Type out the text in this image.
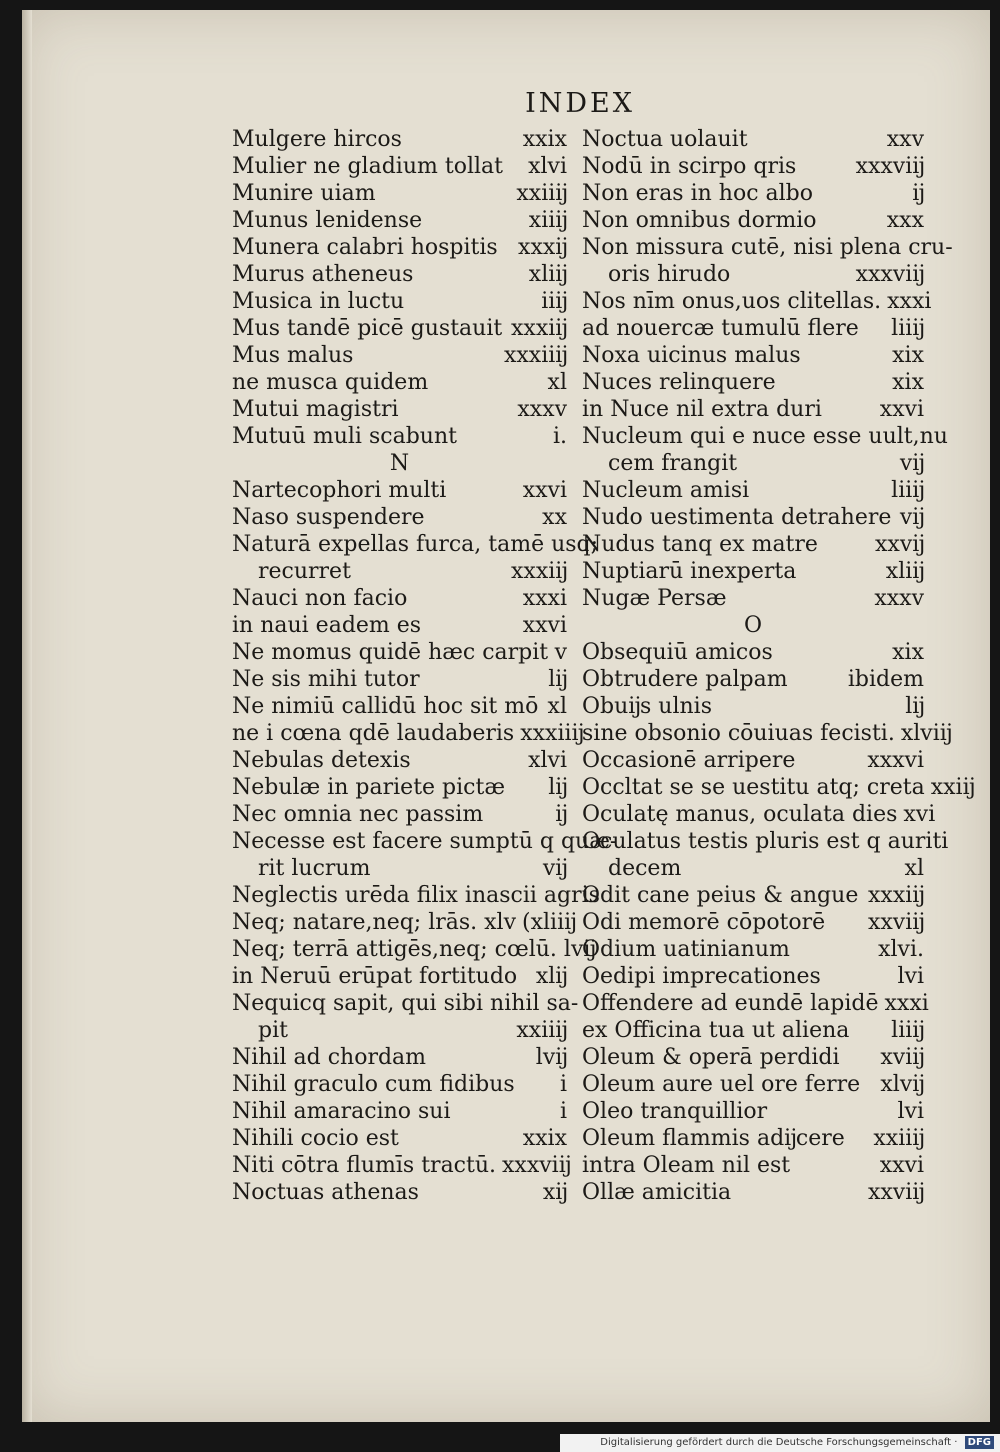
INDEX
Mulgere hircos	xxix
Mulier ne gladium tollat xlvi
Munire uiam	xxiiĳ
Munus lenidense	xiiĳ
Munera calabri hospitis xxxĳ
Murus atheneus	xliĳ
Musica in luctu	iiĳ
Mus tandē picē gustauit xxxiĳ
Mus malus	xxxiiĳ
ne musca quidem	xl
Mutui magistri	xxxv
Mutuū muli scabunt	i.
N
Nartecophori multi	xxvi
Naso suspendere	xx
Naturā expellas furca, tamē usq;
recurret	xxxiĳ
Nauci non facio	xxxi
in naui eadem es	xxvi
Ne momus quidē hæc carpit v
Ne sis mihi tutor	lĳ
Ne nimiū callidū hoc sit mō xl
ne i cœna qdē laudaberis xxxiiĳ
Nebulas detexis	xlvi
Nebulæ in pariete pictæ lĳ
Nec omnia nec passim	ĳ
Necesse est facere sumptū q quæ-
rit lucrum	vĳ
Neglectis urēda filix inascii agris
Neq; natare,neq; lrās. xlv (xliiĳ
Neq; terrā attigēs,neq; cœlū. lvĳ
in Neruū erūpat fortitudo xlĳ
Nequicq sapit, qui sibi nihil sa-
pit	xxiiĳ
Nihil ad chordam	lvĳ
Nihil graculo cum fidibus i
Nihil amaracino sui	i
Nihili cocio est	xxix
Niti cōtra flumīs tractū. xxxviĳ
Noctuas athenas	xĳ
Noctua uolauit	xxv
Nodū in scirpo qris	xxxviĳ
Non eras in hoc albo	ĳ
Non omnibus dormio	xxx
Non missura cutē, nisi plena cru-
oris hirudo	xxxviĳ
Nos nīm onus,uos clitellas. xxxi
ad nouercæ tumulū flere liiĳ
Noxa uicinus malus	xix
Nuces relinquere	xix
in Nuce nil extra duri	xxvi
Nucleum qui e nuce esse uult,nu
cem frangit	vĳ
Nucleum amisi	liiĳ
Nudo uestimenta detrahere vĳ
Nudus tanq ex matre	xxvĳ
Nuptiarū inexperta	xliĳ
Nugæ Persæ	xxxv
O
Obsequiū amicos	xix
Obtrudere palpam	ibidem
Obuĳs ulnis	lĳ
sine obsonio cōuiuas fecisti. xlviĳ
Occasionē arripere	xxxvi
Occltat se se uestitu atq; creta xxiĳ
Oculatę manus, oculata dies xvi
Oculatus testis pluris est q auriti
decem	xl
Odit cane peius & angue xxxiĳ
Odi memorē cōpotorē xxviĳ
Odium uatinianum	xlvi.
Oedipi imprecationes	lvi
Offendere ad eundē lapidē xxxi
ex Officina tua ut aliena liiĳ
Oleum & operā perdidi xviĳ
Oleum aure uel ore ferre xlvĳ
Oleo tranquillior	lvi
Oleum flammis adĳcere xxiiĳ
intra Oleam nil est	xxvi
Ollæ amicitia	xxviĳ
Digitalisierung gefördert durch die Deutsche Forschungsgemeinschaft · DFG
